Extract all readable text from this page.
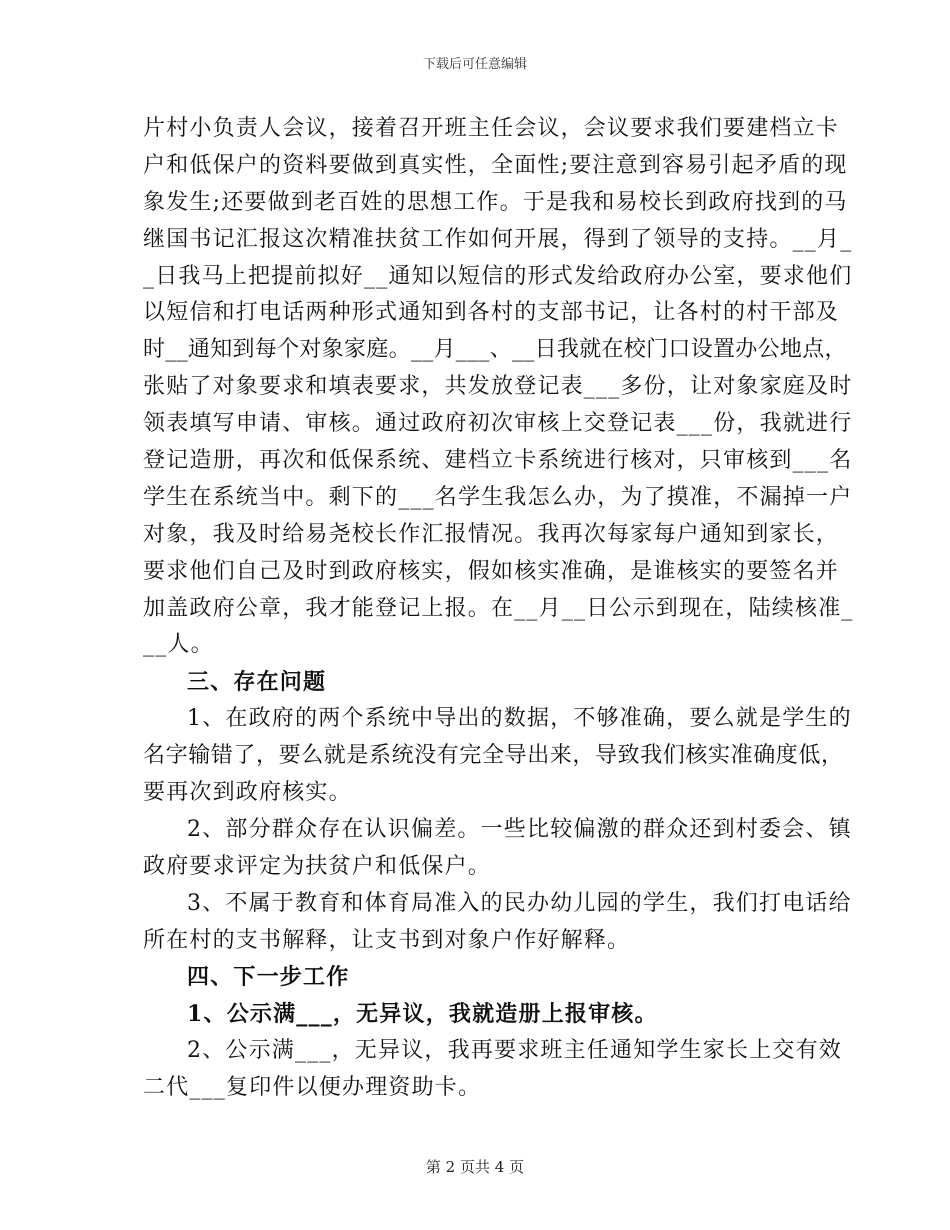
下载后可任意编辑
片村小负责人会议，接着召开班主任会议，会议要求我们要建档立卡
户和低保户的资料要做到真实性，全面性;要注意到容易引起矛盾的现
象发生;还要做到老百姓的思想工作。于是我和易校长到政府找到的马
继国书记汇报这次精准扶贫工作如何开展，得到了领导的支持。__月_
_日我马上把提前拟好__通知以短信的形式发给政府办公室，要求他们
以短信和打电话两种形式通知到各村的支部书记，让各村的村干部及
时__通知到每个对象家庭。__月___、__日我就在校门口设置办公地点，
张贴了对象要求和填表要求，共发放登记表___多份，让对象家庭及时
领表填写申请、审核。通过政府初次审核上交登记表___份，我就进行
登记造册，再次和低保系统、建档立卡系统进行核对，只审核到___名
学生在系统当中。剩下的___名学生我怎么办，为了摸准，不漏掉一户
对象，我及时给易尧校长作汇报情况。我再次每家每户通知到家长，
要求他们自己及时到政府核实，假如核实准确，是谁核实的要签名并
加盖政府公章，我才能登记上报。在__月__日公示到现在，陆续核准_
__人。
三、存在问题
1、在政府的两个系统中导出的数据，不够准确，要么就是学生的
名字输错了，要么就是系统没有完全导出来，导致我们核实准确度低，
要再次到政府核实。
2、部分群众存在认识偏差。一些比较偏激的群众还到村委会、镇
政府要求评定为扶贫户和低保户。
3、不属于教育和体育局准入的民办幼儿园的学生，我们打电话给
所在村的支书解释，让支书到对象户作好解释。
四、下一步工作
1、公示满___，无异议，我就造册上报审核。
2、公示满___，无异议，我再要求班主任通知学生家长上交有效
二代___复印件以便办理资助卡。
第 2 页共 4 页
